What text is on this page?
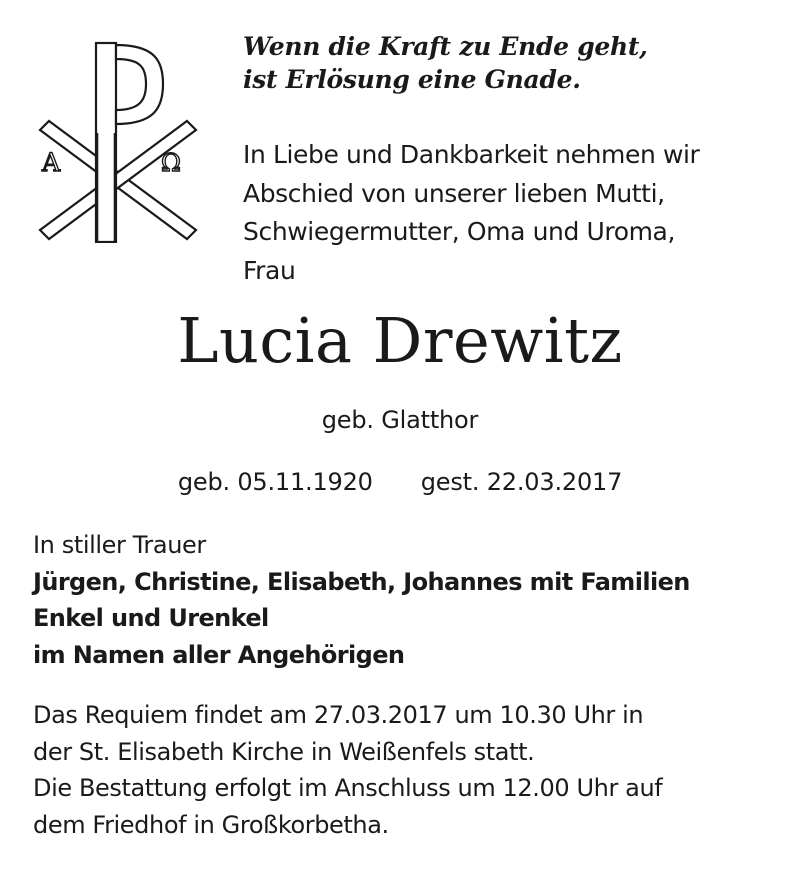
A	Ω
Wenn die Kraft zu Ende geht,
ist Erlösung eine Gnade.
In Liebe und Dankbarkeit nehmen wir
Abschied von unserer lieben Mutti,
Schwiegermutter, Oma und Uroma,
Frau
Lucia Drewitz
geb. Glatthor
geb. 05.11.1920 gest. 22.03.2017
In stiller Trauer
Jürgen, Christine, Elisabeth, Johannes mit Familien
Enkel und Urenkel
im Namen aller Angehörigen
Das Requiem findet am 27.03.2017 um 10.30 Uhr in
der St. Elisabeth Kirche in Weißenfels statt.
Die Bestattung erfolgt im Anschluss um 12.00 Uhr auf
dem Friedhof in Großkorbetha.
